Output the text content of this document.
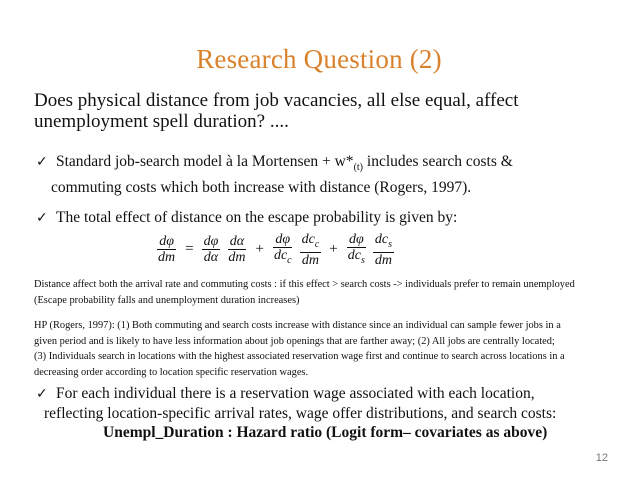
Research Question (2)
Does physical distance from job vacancies, all else equal, affect
unemployment spell duration? ....
✓ Standard job-search model à la Mortensen + $w*_{(t)}$ includes search costs &
commuting costs which both increase with distance (Rogers, 1997).
✓ The total effect of distance on the escape probability is given by:
$\frac{d\varphi}{dm} = \frac{d\varphi}{d\alpha} \frac{d\alpha}{dm} + \frac{d\varphi}{dc_c} \frac{dc_c}{dm} + \frac{d\varphi}{dc_s} \frac{dc_s}{dm}$

Distance affect both the arrival rate and commuting costs : if this effect > search costs -> individuals prefer to remain unemployed

(Escape probability falls and unemployment duration increases)

HP (Rogers, 1997): (1) Both commuting and search costs increase with distance since an individual can sample fewer jobs in a

given period and is likely to have less information about job openings that are farther away; (2) All jobs are centrally located;

(3) Individuals search in locations with the highest associated reservation wage first and continue to search across locations in a

decreasing order according to location specific reservation wages.

✓ For each individual there is a reservation wage associated with each location,
reflecting location-specific arrival rates, wage offer distributions, and search costs:
Unempl_Duration : Hazard ratio (Logit form– covariates as above)
12
